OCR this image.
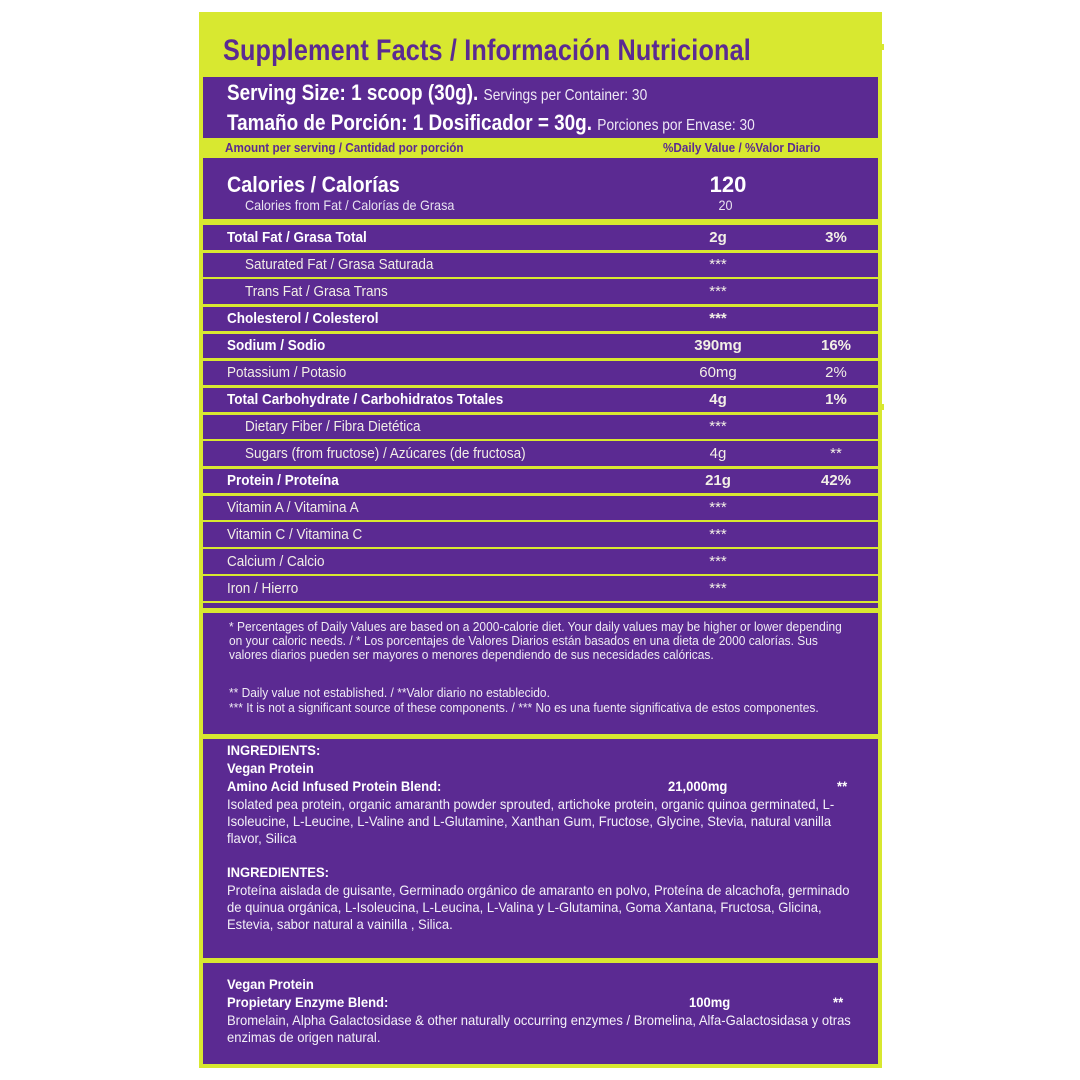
Supplement Facts / Información Nutricional
Serving Size: 1 scoop (30g). Servings per Container: 30
Tamaño de Porción: 1 Dosificador = 30g. Porciones por Envase: 30
Amount per serving / Cantidad por porción	%Daily Value / %Valor Diario
Calories / Calorías	120
Calories from Fat / Calorías de Grasa	20
Total Fat / Grasa Total	2g	3%
Saturated Fat / Grasa Saturada	***
Trans Fat / Grasa Trans	***
Cholesterol / Colesterol	***
Sodium / Sodio	390mg	16%
Potassium / Potasio	60mg	2%
Total Carbohydrate / Carbohidratos Totales	4g	1%
Dietary Fiber / Fibra Dietética	***
Sugars (from fructose) / Azúcares (de fructosa)	4g	**
Protein / Proteína	21g	42%
Vitamin A / Vitamina A	***
Vitamin C / Vitamina C	***
Calcium / Calcio	***
Iron / Hierro	***
* Percentages of Daily Values are based on a 2000-calorie diet. Your daily values may be higher or lower depending on your caloric needs. / * Los porcentajes de Valores Diarios están basados en una dieta de 2000 calorías. Sus valores diarios pueden ser mayores o menores dependiendo de sus necesidades calóricas.
** Daily value not established. / **Valor diario no establecido.
*** It is not a significant source of these components. / *** No es una fuente significativa de estos componentes.
INGREDIENTS:
Vegan Protein
Amino Acid Infused Protein Blend:	21,000mg	**
Isolated pea protein, organic amaranth powder sprouted, artichoke protein, organic quinoa germinated, L-Isoleucine, L-Leucine, L-Valine and L-Glutamine, Xanthan Gum, Fructose, Glycine, Stevia, natural vanilla flavor, Silica
INGREDIENTES:
Proteína aislada de guisante, Germinado orgánico de amaranto en polvo, Proteína de alcachofa, germinado de quinua orgánica, L-Isoleucina, L-Leucina, L-Valina y L-Glutamina, Goma Xantana, Fructosa, Glicina, Estevia, sabor natural a vainilla , Silica.
Vegan Protein
Propietary Enzyme Blend:	100mg	**
Bromelain, Alpha Galactosidase & other naturally occurring enzymes / Bromelina, Alfa-Galactosidasa y otras enzimas de origen natural.
